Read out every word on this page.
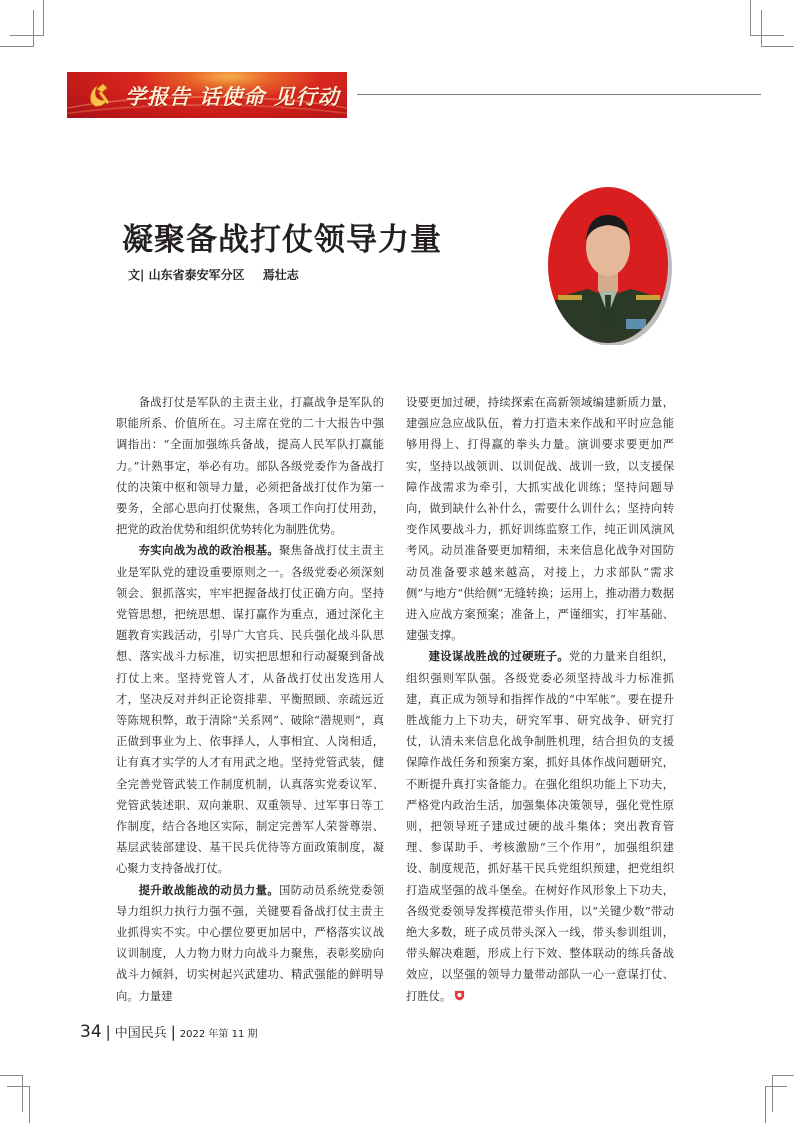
学报告 话使命 见行动
凝聚备战打仗领导力量
文| 山东省泰安军分区 焉壮志

备战打仗是军队的主责主业，打赢战争是军队的职能所系、价值所在。习主席在党的二十大报告中强调指出：“全面加强练兵备战，提高人民军队打赢能力。”计熟事定，举必有功。部队各级党委作为备战打仗的决策中枢和领导力量，必须把备战打仗作为第一要务，全部心思向打仗聚焦，各项工作向打仗用劲，把党的政治优势和组织优势转化为制胜优势。

夯实向战为战的政治根基。聚焦备战打仗主责主业是军队党的建设重要原则之一。各级党委必须深刻领会、狠抓落实，牢牢把握备战打仗正确方向。坚持党管思想，把统思想、谋打赢作为重点，通过深化主题教育实践活动，引导广大官兵、民兵强化战斗队思想、落实战斗力标准，切实把思想和行动凝聚到备战打仗上来。坚持党管人才，从备战打仗出发选用人才，坚决反对并纠正论资排辈、平衡照顾、亲疏远近等陈规积弊，敢于清除“关系网”、破除“潜规则”，真正做到事业为上、依事择人，人事相宜、人岗相适，让有真才实学的人才有用武之地。坚持党管武装，健全完善党管武装工作制度机制，认真落实党委议军、党管武装述职、双向兼职、双重领导、过军事日等工作制度，结合各地区实际，制定完善军人荣誉尊崇、基层武装部建设、基干民兵优待等方面政策制度，凝心聚力支持备战打仗。

提升敢战能战的动员力量。国防动员系统党委领导力组织力执行力强不强，关键要看备战打仗主责主业抓得实不实。中心摆位要更加居中，严格落实议战议训制度，人力物力财力向战斗力聚焦，表彰奖励向战斗力倾斜，切实树起兴武建功、精武强能的鲜明导向。力量建

设要更加过硬，持续探索在高新领域编建新质力量，建强应急应战队伍，着力打造未来作战和平时应急能够用得上、打得赢的拳头力量。演训要求要更加严实，坚持以战领训、以训促战、战训一致，以支援保障作战需求为牵引，大抓实战化训练；坚持问题导向，做到缺什么补什么，需要什么训什么；坚持向转变作风要战斗力，抓好训练监察工作，纯正训风演风考风。动员准备要更加精细，未来信息化战争对国防动员准备要求越来越高，对接上，力求部队“需求侧”与地方“供给侧”无缝转换；运用上，推动潜力数据进入应战方案预案；准备上，严谨细实，打牢基础、建强支撑。

建设谋战胜战的过硬班子。党的力量来自组织，组织强则军队强。各级党委必须坚持战斗力标准抓建，真正成为领导和指挥作战的“中军帐”。要在提升胜战能力上下功夫，研究军事、研究战争、研究打仗，认清未来信息化战争制胜机理，结合担负的支援保障作战任务和预案方案，抓好具体作战问题研究，不断提升真打实备能力。在强化组织功能上下功夫，严格党内政治生活，加强集体决策领导，强化党性原则，把领导班子建成过硬的战斗集体；突出教育管理、参谋助手、考核激励“三个作用”，加强组织建设、制度规范，抓好基干民兵党组织预建，把党组织打造成坚强的战斗堡垒。在树好作风形象上下功夫，各级党委领导发挥模范带头作用，以“关键少数”带动绝大多数，班子成员带头深入一线，带头参训组训，带头解决难题，形成上行下效、整体联动的练兵备战效应，以坚强的领导力量带动部队一心一意谋打仗、打胜仗。

34 | 中国民兵 | 2022 年第 11 期
